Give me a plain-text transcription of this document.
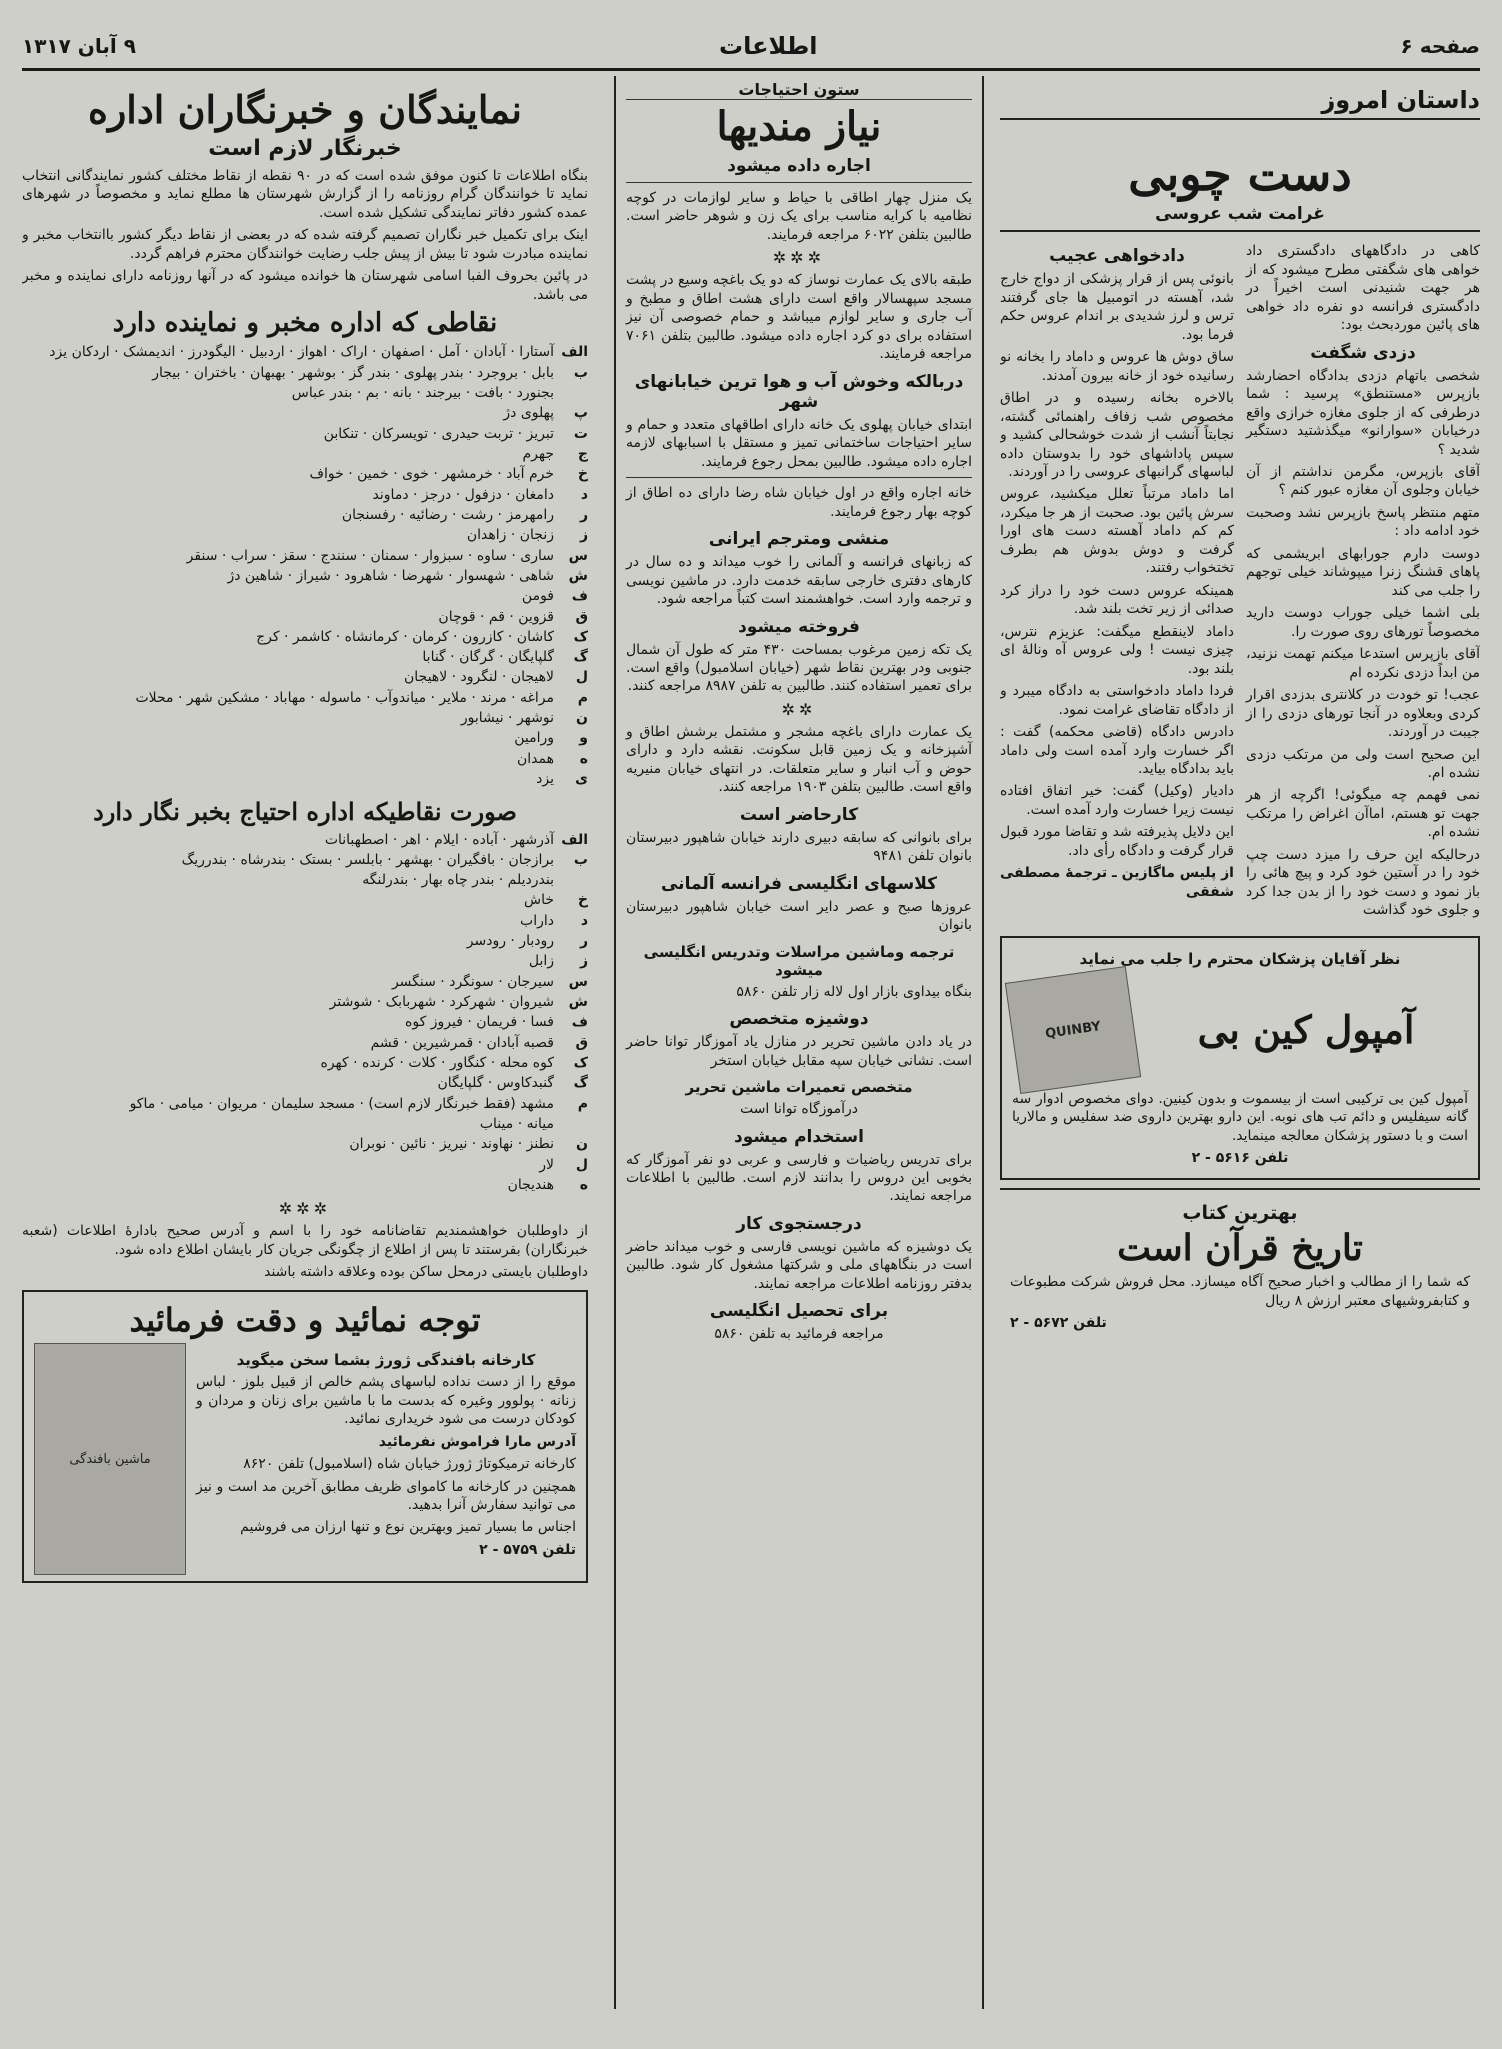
صفحه ۶
اطلاعات
۹ آبان ۱۳۱۷
داستان امروز
دست چوبی
غرامت شب عروسی

کاهی در دادگاههای دادگستری داد خواهی های شگفتی مطرح میشود که از هر جهت شنیدنی است اخیراً در دادگستری فرانسه دو نفره داد خواهی های پائین موردبحث بود:

دزدی شگفت

شخصی باتهام دزدی بدادگاه احضارشد بازپرس «مستنطق» پرسید : شما درطرفی که از جلوی مغازه خرازی واقع درخیابان «سوارانو» میگذشتید دستگیر شدید ؟

آقای بازپرس، مگرمن نداشتم از آن خیابان وجلوی آن مغازه عبور کنم ؟

متهم منتظر پاسخ بازپرس نشد وصحبت خود ادامه داد :

دوست دارم جورابهای ابریشمی که پاهای قشنگ زنرا میپوشاند خیلی توجهم را جلب می کند

بلی اشما خیلی جوراب دوست دارید مخصوصاً تورهای روی صورت را.

آقای بازپرس استدعا میکنم تهمت نزنید، من ابداً دزدی نکرده ام

عجب! تو خودت در کلانتری بدزدی اقرار کردی وبعلاوه در آنجا تورهای دزدی را از جیبت در آوردند.

این صحیح است ولی من مرتکب دزدی نشده ام.

نمی فهمم چه میگوئی! اگرچه از هر جهت تو هستم، اماآن اغراض را مرتکب نشده ام.

درحالیکه این حرف را میزد دست چپ خود را در آستین خود کرد و پیچ هائی را باز نمود و دست خود را از بدن جدا کرد و جلوی خود گذاشت

دادخواهی عجیب

بانوئی پس از قرار پزشکی از دواج خارج شد، آهسته در اتومبیل ها جای گرفتند ترس و لرز شدیدی بر اندام عروس حکم فرما بود.

ساق دوش ها عروس و داماد را بخانه نو رسانیده خود از خانه بیرون آمدند.

بالاخره بخانه رسیده و در اطاق مخصوص شب زفاف راهنمائی گشته، نجابتاً آنشب از شدت خوشحالی کشید و سپس پاداشهای خود را بدوستان داده لباسهای گرانبهای عروسی را در آوردند.

اما داماد مرتباً تعلل میکشید، عروس سرش پائین بود. صحبت از هر جا میکرد، کم کم داماد آهسته دست های اورا گرفت و دوش بدوش هم بطرف تختخواب رفتند.

همینکه عروس دست خود را دراز کرد صدائی از زیر تخت بلند شد.

داماد لاینقطع میگفت: عزیزم نترس، چیزی نیست ! ولی عروس آه ونالهٔ ای بلند بود.

فردا داماد دادخواستی به دادگاه میبرد و از دادگاه تقاضای غرامت نمود.

دادرس دادگاه (قاضی محکمه) گفت : اگر خسارت وارد آمده است ولی داماد باید بدادگاه بیاید.

دادیار (وکیل) گفت: خیر اتفاق افتاده نیست زیرا خسارت وارد آمده است.

این دلایل پذیرفته شد و تقاضا مورد قبول قرار گرفت و دادگاه رأی داد.

از پلیس ماگازین ـ ترجمهٔ مصطفی شفقی

نظر آقایان پزشکان محترم را جلب می نماید
آمپول کین بی
QUINBY

آمپول کین بی ترکیبی است از بیسموت و بدون کینین. دوای مخصوص ادوار سه گانه سیفلیس و دائم تب های نوبه. این دارو بهترین داروی ضد سفلیس و مالاریا است و با دستور پزشکان معالجه مینماید.

تلفن ۵۶۱۶ - ۲

بهترین کتاب
تاریخ قرآن است

که شما را از مطالب و اخبار صحیح آگاه میسازد. محل فروش شرکت مطبوعات و کتابفروشیهای معتبر ارزش ۸ ریال

تلفن ۵۶۷۲ - ۲

ستون احتیاجات
نیاز مندیها
اجاره داده میشود

یک منزل چهار اطاقی با حیاط و سایر لوازمات در کوچه نظامیه با کرایه مناسب برای یک زن و شوهر حاضر است. طالبین بتلفن ۶۰۲۲ مراجعه فرمایند.

✲✲✲

طبقه بالای یک عمارت نوساز که دو یک باغچه وسیع در پشت مسجد سپهسالار واقع است دارای هشت اطاق و مطبخ و آب جاری و سایر لوازم میباشد و حمام خصوصی آن نیز استفاده برای دو کرد اجاره داده میشود. طالبین بتلفن ۷۰۶۱ مراجعه فرمایند.

دربالکه وخوش آب و هوا ترین خیابانهای شهر

ابتدای خیابان پهلوی یک خانه دارای اطاقهای متعدد و حمام و سایر احتیاجات ساختمانی تمیز و مستقل با اسبابهای لازمه اجاره داده میشود. طالبین بمحل رجوع فرمایند.

خانه اجاره واقع در اول خیابان شاه رضا دارای ده اطاق از کوچه بهار رجوع فرمایند.

منشی ومترجم ایرانی

که زبانهای فرانسه و آلمانی را خوب میداند و ده سال در کارهای دفتری خارجی سابقه خدمت دارد. در ماشین نویسی و ترجمه وارد است. خواهشمند است کتباً مراجعه شود.

فروخته میشود

یک تکه زمین مرغوب بمساحت ۴۳۰ متر که طول آن شمال جنوبی ودر بهترین نقاط شهر (خیابان اسلامبول) واقع است. برای تعمیر استفاده کنند. طالبین به تلفن ۸۹۸۷ مراجعه کنند.

✲✲

یک عمارت دارای باغچه مشجر و مشتمل برشش اطاق و آشپزخانه و یک زمین قابل سکونت. نقشه دارد و دارای حوض و آب انبار و سایر متعلقات. در انتهای خیابان منیریه واقع است. طالبین بتلفن ۱۹۰۳ مراجعه کنند.

کارحاضر است

برای بانوانی که سابقه دبیری دارند خیابان شاهپور دبیرستان بانوان تلفن ۹۴۸۱

کلاسهای انگلیسی فرانسه آلمانی

عروزها صبح و عصر دایر است خیابان شاهپور دبیرستان بانوان

ترجمه وماشین مراسلات وتدریس انگلیسی میشود

بنگاه بیداوی بازار اول لاله زار تلفن ۵۸۶۰

دوشیزه متخصص

در یاد دادن ماشین تحریر در منازل یاد آموزگار توانا حاضر است. نشانی خیابان سپه مقابل خیابان استخر

متخصص تعمیرات ماشین تحریر

درآموزگاه توانا است

استخدام میشود

برای تدریس ریاضیات و فارسی و عربی دو نفر آموزگار که بخوبی این دروس را بدانند لازم است. طالبین با اطلاعات مراجعه نمایند.

درجستجوی کار

یک دوشیزه که ماشین نویسی فارسی و خوب میداند حاضر است در بنگاههای ملی و شرکتها مشغول کار شود. طالبین بدفتر روزنامه اطلاعات مراجعه نمایند.

برای تحصیل انگلیسی

مراجعه فرمائید به تلفن ۵۸۶۰

نمایندگان و خبرنگاران اداره
خبرنگار لازم است

بنگاه اطلاعات تا کنون موفق شده است که در ۹۰ نقطه از نقاط مختلف کشور نمایندگانی انتخاب نماید تا خوانندگان گرام روزنامه را از گزارش شهرستان ها مطلع نماید و مخصوصاً در شهرهای عمده کشور دفاتر نمایندگی تشکیل شده است.

اینک برای تکمیل خبر نگاران تصمیم گرفته شده که در بعضی از نقاط دیگر کشور باانتخاب مخبر و نماینده مبادرت شود تا بیش از پیش جلب رضایت خوانندگان محترم فراهم گردد.

در پائین بحروف الفبا اسامی شهرستان ها خوانده میشود که در آنها روزنامه دارای نماینده و مخبر می باشد.

نقاطی که اداره مخبر و نماینده دارد
الفآستارا · آبادان · آمل · اصفهان · اراک · اهواز · اردبیل · الیگودرز · اندیمشک · اردکان یزد
ببابل · بروجرد · بندر پهلوی · بندر گز · بوشهر · بهبهان · باختران · بیجار
بجنورد · بافت · بیرجند · بانه · بم · بندر عباس
پپهلوی دژ
تتبریز · تربت حیدری · تویسرکان · تنکابن
ججهرم
خخرم آباد · خرمشهر · خوی · خمین · خواف
ددامغان · دزفول · درجز · دماوند
ررامهرمز · رشت · رضائیه · رفسنجان
ززنجان · زاهدان
سساری · ساوه · سبزوار · سمنان · سنندج · سقز · سراب · سنقر
ششاهی · شهسوار · شهرضا · شاهرود · شیراز · شاهین دژ
ففومن
ققزوین · قم · قوچان
ککاشان · کازرون · کرمان · کرمانشاه · کاشمر · کرج
گگلپایگان · گرگان · گنابا
للاهیجان · لنگرود · لاهیجان
ممراغه · مرند · ملایر · میاندوآب · ماسوله · مهاباد · مشکین شهر · محلات
ننوشهر · نیشابور
وورامین
ههمدان
ییزد
صورت نقاطیکه اداره احتیاج بخبر نگار دارد
الفآذرشهر · آباده · ایلام · اهر · اصطهبانات
ببرازجان · بافگیران · بهشهر · بابلسر · بستک · بندرشاه · بندرریگ
بندردیلم · بندر چاه بهار · بندرلنگه
خخاش
دداراب
ررودبار · رودسر
ززابل
سسیرجان · سونگرد · سنگسر
ششیروان · شهرکرد · شهربابک · شوشتر
ففسا · فریمان · فیروز کوه
ققصبه آبادان · قمرشیرین · قشم
ککوه محله · کنگاور · کلات · کرنده · کهره
گگنبدکاوس · گلپایگان
ممشهد (فقط خبرنگار لازم است) · مسجد سلیمان · مریوان · میامی · ماکو
میانه · میناب
ننطنز · نهاوند · نیریز · نائین · نوبران
للار
ههندیجان
✲✲✲

از داوطلبان خواهشمندیم تقاضانامه خود را با اسم و آدرس صحیح بادارهٔ اطلاعات (شعبه خبرنگاران) بفرستند تا پس از اطلاع از چگونگی جریان کار بایشان اطلاع داده شود.

داوطلبان بایستی درمحل ساکن بوده وعلاقه داشته باشند

توجه نمائید و دقت فرمائید
کارخانه بافندگی ژورژ بشما سخن میگوید

موقع را از دست نداده لباسهای پشم خالص از قبیل بلوز · لباس زنانه · پولوور وغیره که بدست ما با ماشین برای زنان و مردان و کودکان درست می شود خریداری نمائید.

آدرس مارا فراموش نفرمائید

کارخانه ترمیکوتاژ ژورژ خیابان شاه (اسلامبول) تلفن ۸۶۲۰

همچنین در کارخانه ما کاموای ظریف مطابق آخرین مد است و نیز می توانید سفارش آنرا بدهید.

اجناس ما بسیار تمیز وبهترین نوع و تنها ارزان می فروشیم

تلفن ۵۷۵۹ - ۲

ماشین بافندگی
